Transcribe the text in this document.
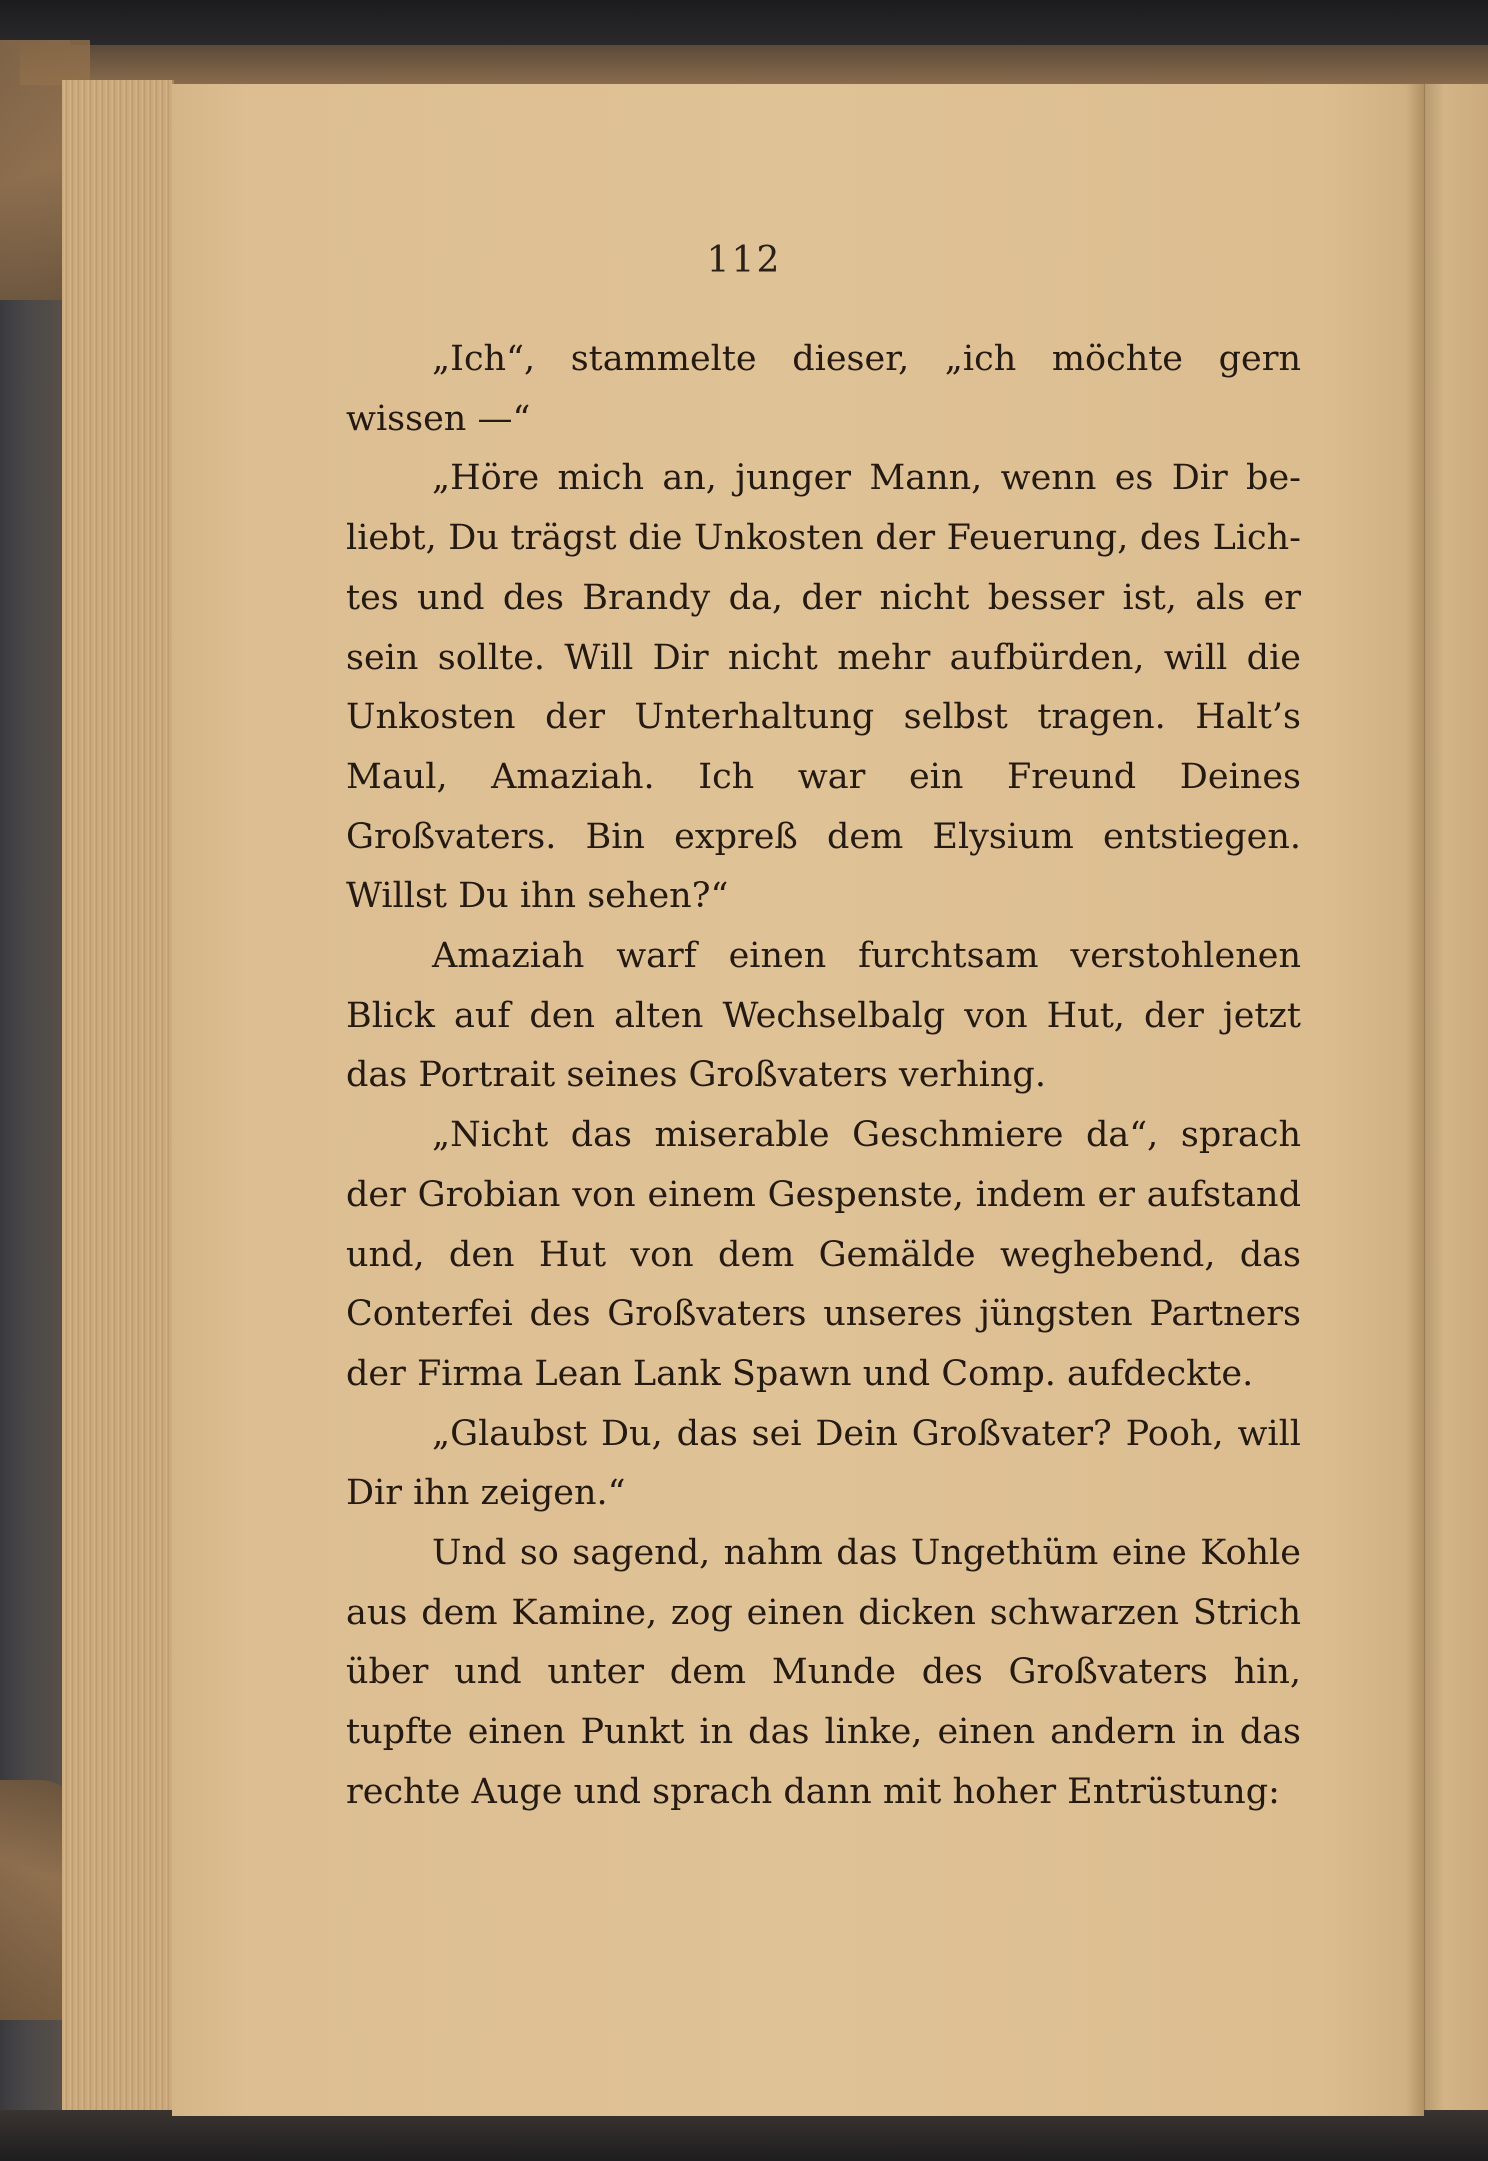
112

„Ich“, stammelte dieser, „ich möchte gern wissen —“

„Höre mich an, junger Mann, wenn es Dir beliebt, Du trägst die Unkosten der Feuerung, des Lichtes und des Brandy da, der nicht besser ist, als er sein sollte. Will Dir nicht mehr aufbürden, will die Unkosten der Unterhaltung selbst tragen. Halt’s Maul, Amaziah. Ich war ein Freund Deines Großvaters. Bin expreß dem Elysium entstiegen. Willst Du ihn sehen?“

Amaziah warf einen furchtsam verstohlenen Blick auf den alten Wechselbalg von Hut, der jetzt das Portrait seines Großvaters verhing.

„Nicht das miserable Geschmiere da“, sprach der Grobian von einem Gespenste, indem er aufstand und, den Hut von dem Gemälde weghebend, das Conterfei des Großvaters unseres jüngsten Partners der Firma Lean Lank Spawn und Comp. aufdeckte.

„Glaubst Du, das sei Dein Großvater? Pooh, will Dir ihn zeigen.“

Und so sagend, nahm das Ungethüm eine Kohle aus dem Kamine, zog einen dicken schwarzen Strich über und unter dem Munde des Großvaters hin, tupfte einen Punkt in das linke, einen andern in das rechte Auge und sprach dann mit hoher Entrüstung:
